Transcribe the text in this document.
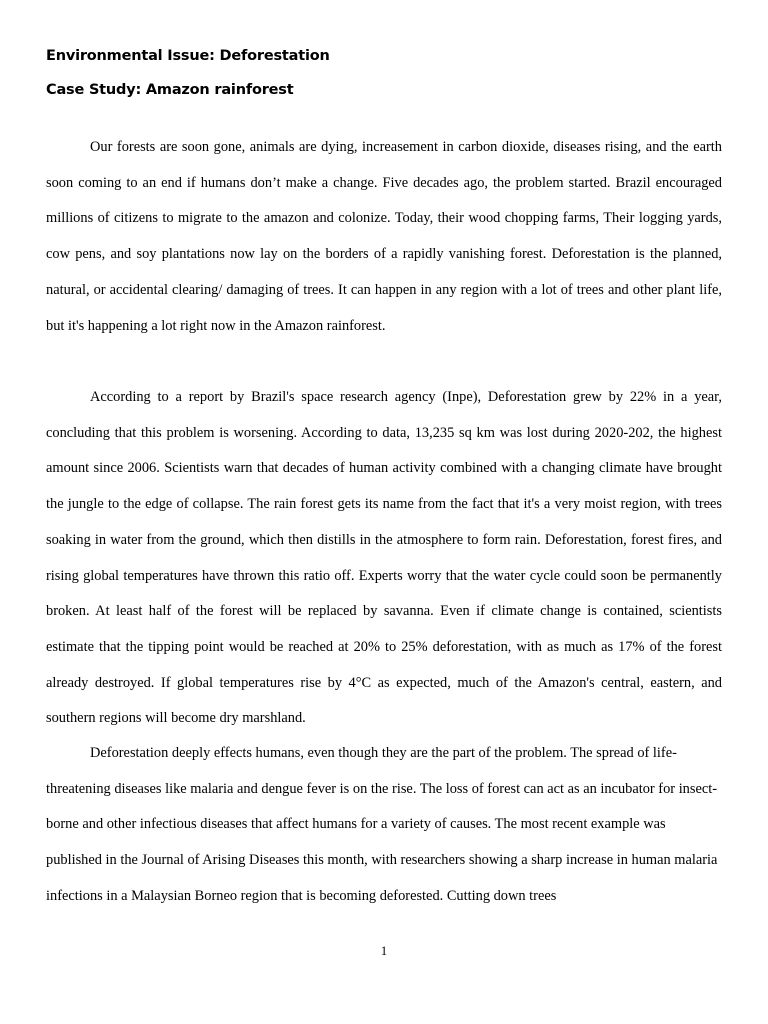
Environmental Issue: Deforestation
Case Study: Amazon rainforest

Our forests are soon gone, animals are dying, increasement in carbon dioxide, diseases rising, and the earth soon coming to an end if humans don’t make a change. Five decades ago, the problem started. Brazil encouraged millions of citizens to migrate to the amazon and colonize. Today, their wood chopping farms, Their logging yards, cow pens, and soy plantations now lay on the borders of a rapidly vanishing forest. Deforestation is the planned, natural, or accidental clearing/ damaging of trees. It can happen in any region with a lot of trees and other plant life, but it's happening a lot right now in the Amazon rainforest.

According to a report by Brazil's space research agency (Inpe), Deforestation grew by 22% in a year, concluding that this problem is worsening. According to data, 13,235 sq km was lost during 2020-202, the highest amount since 2006. Scientists warn that decades of human activity combined with a changing climate have brought the jungle to the edge of collapse. The rain forest gets its name from the fact that it's a very moist region, with trees soaking in water from the ground, which then distills in the atmosphere to form rain. Deforestation, forest fires, and rising global temperatures have thrown this ratio off. Experts worry that the water cycle could soon be permanently broken. At least half of the forest will be replaced by savanna. Even if climate change is contained, scientists estimate that the tipping point would be reached at 20% to 25% deforestation, with as much as 17% of the forest already destroyed. If global temperatures rise by 4°C as expected, much of the Amazon's central, eastern, and southern regions will become dry marshland.

Deforestation deeply effects humans, even though they are the part of the problem. The spread of life-threatening diseases like malaria and dengue fever is on the rise. The loss of forest can act as an incubator for insect-borne and other infectious diseases that affect humans for a variety of causes. The most recent example was published in the Journal of Arising Diseases this month, with researchers showing a sharp increase in human malaria infections in a Malaysian Borneo region that is becoming deforested. Cutting down trees

1
